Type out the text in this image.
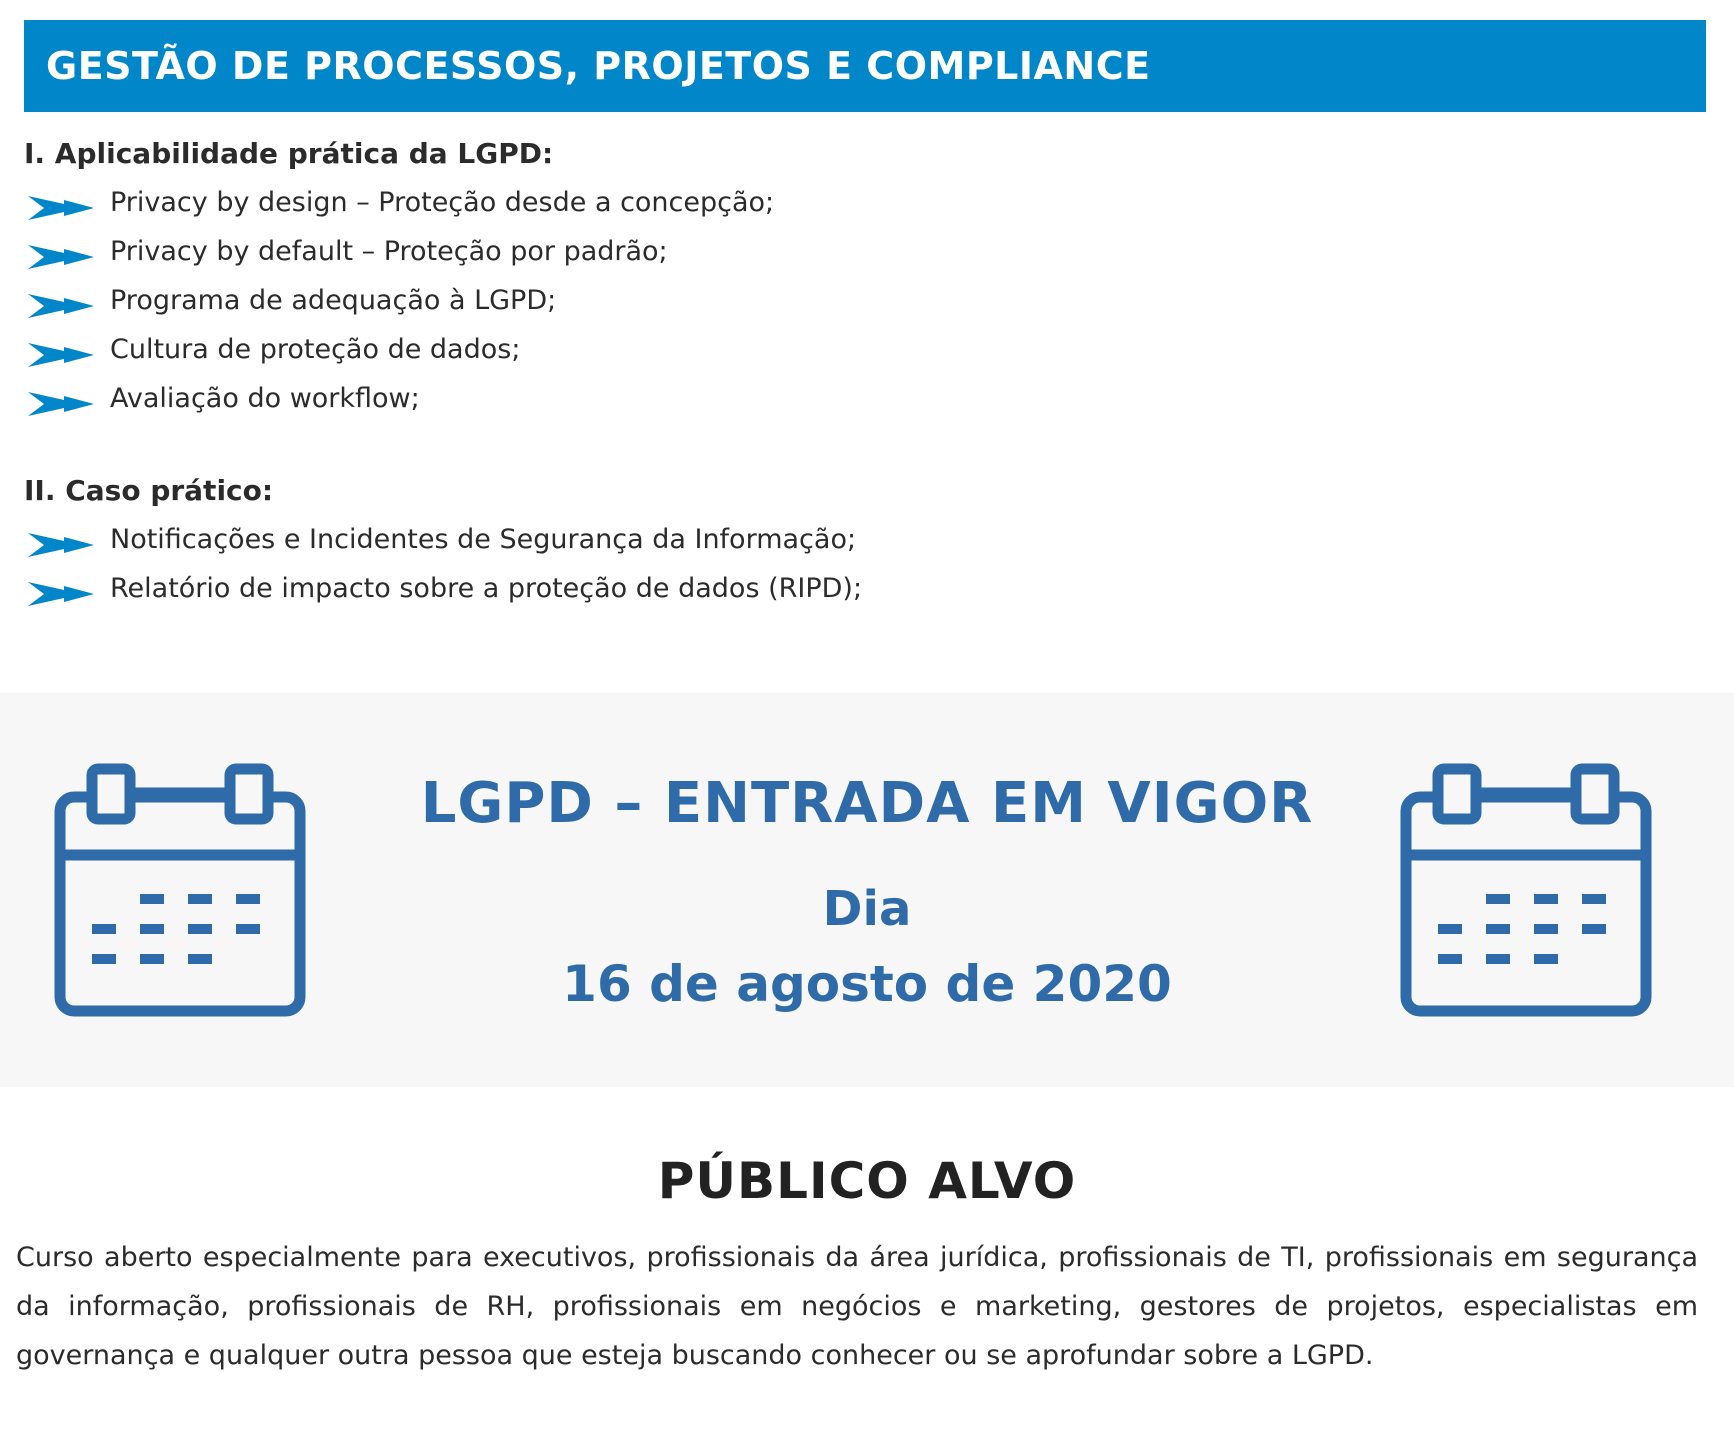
GESTÃO DE PROCESSOS, PROJETOS E COMPLIANCE
I. Aplicabilidade prática da LGPD:
Privacy by design – Proteção desde a concepção;
Privacy by default – Proteção por padrão;
Programa de adequação à LGPD;
Cultura de proteção de dados;
Avaliação do workflow;
II. Caso prático:
Notificações e Incidentes de Segurança da Informação;
Relatório de impacto sobre a proteção de dados (RIPD);
LGPD – ENTRADA EM VIGOR
Dia
16 de agosto de 2020
PÚBLICO ALVO

Curso aberto especialmente para executivos, profissionais da área jurídica, profissionais de TI, profissionais em segurança da informação, profissionais de RH, profissionais em negócios e marketing, gestores de projetos, especialistas em governança e qualquer outra pessoa que esteja buscando conhecer ou se aprofundar sobre a LGPD.
